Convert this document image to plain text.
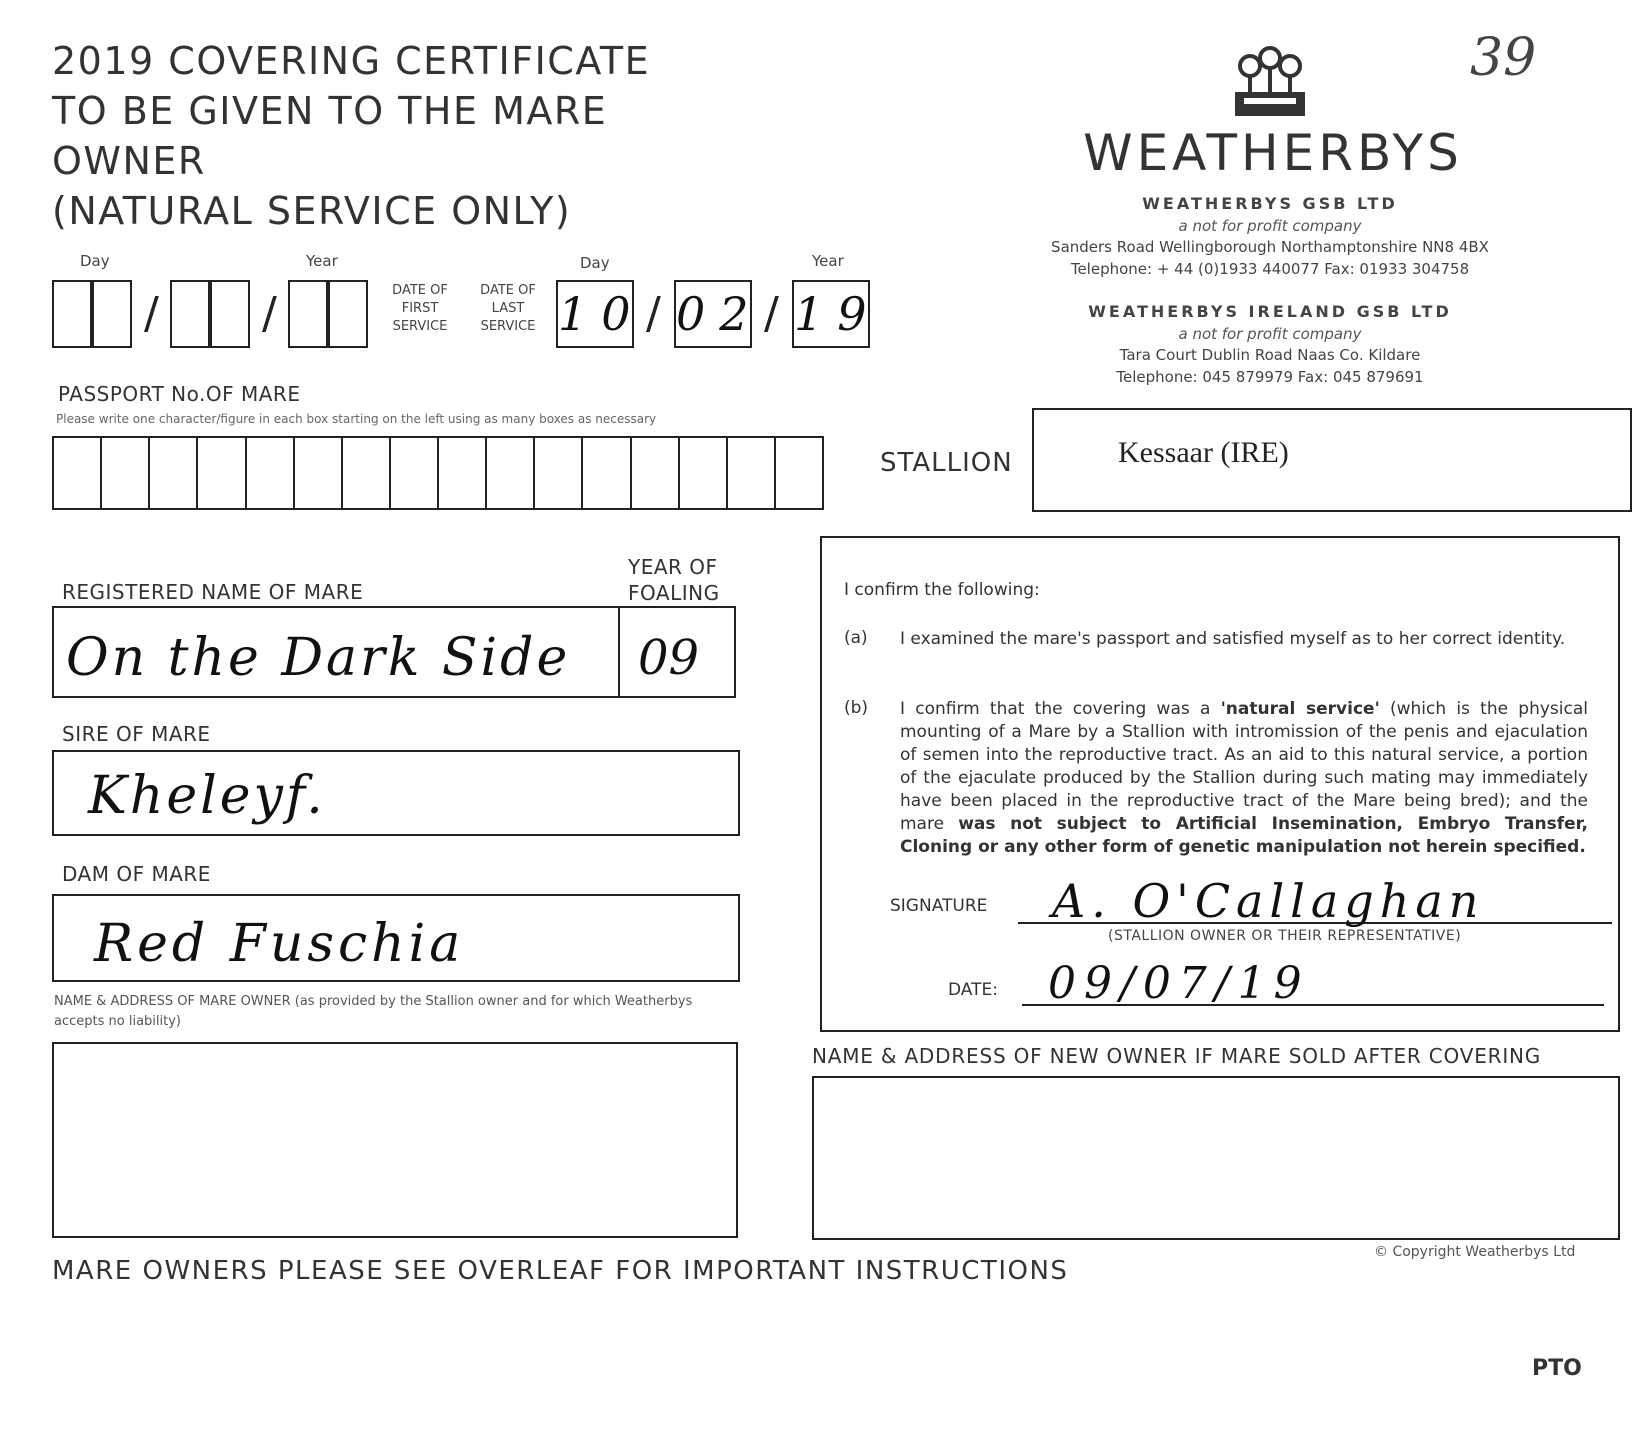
2019 COVERING CERTIFICATE
TO BE GIVEN TO THE MARE
OWNER
(NATURAL SERVICE ONLY)
39
WEATHERBYS
WEATHERBYS GSB LTD
a not for profit company
Sanders Road Wellingborough Northamptonshire NN8 4BX
Telephone: + 44 (0)1933 440077 Fax: 01933 304758
WEATHERBYS IRELAND GSB LTD
a not for profit company
Tara Court Dublin Road Naas Co. Kildare
Telephone: 045 879979 Fax: 045 879691
Day	Year
/ /	DATE OF FIRST SERVICE
DATE OF LAST SERVICE
Day	Year
10 / 02 / 19
PASSPORT No.OF MARE
Please write one character/figure in each box starting on the left using as many boxes as necessary
STALLION	Kessaar (IRE)
REGISTERED NAME OF MARE
YEAR OF
FOALING
On the Dark Side 09
SIRE OF MARE
Kheleyf.
DAM OF MARE
Red Fuschia
NAME & ADDRESS OF MARE OWNER (as provided by the Stallion owner and for which Weatherbys accepts no liability)
I confirm the following:
(a) I examined the mare's passport and satisfied myself as to her correct identity.
(b) I confirm that the covering was a 'natural service' (which is the physical mounting of a Mare by a Stallion with intromission of the penis and ejaculation of semen into the reproductive tract. As an aid to this natural service, a portion of the ejaculate produced by the Stallion during such mating may immediately have been placed in the reproductive tract of the Mare being bred); and the mare was not subject to Artificial Insemination, Embryo Transfer, Cloning or any other form of genetic manipulation not herein specified.
SIGNATURE A. O'Callaghan
(STALLION OWNER OR THEIR REPRESENTATIVE)
DATE: 09/07/19
NAME & ADDRESS OF NEW OWNER IF MARE SOLD AFTER COVERING
© Copyright Weatherbys Ltd
MARE OWNERS PLEASE SEE OVERLEAF FOR IMPORTANT INSTRUCTIONS
PTO
